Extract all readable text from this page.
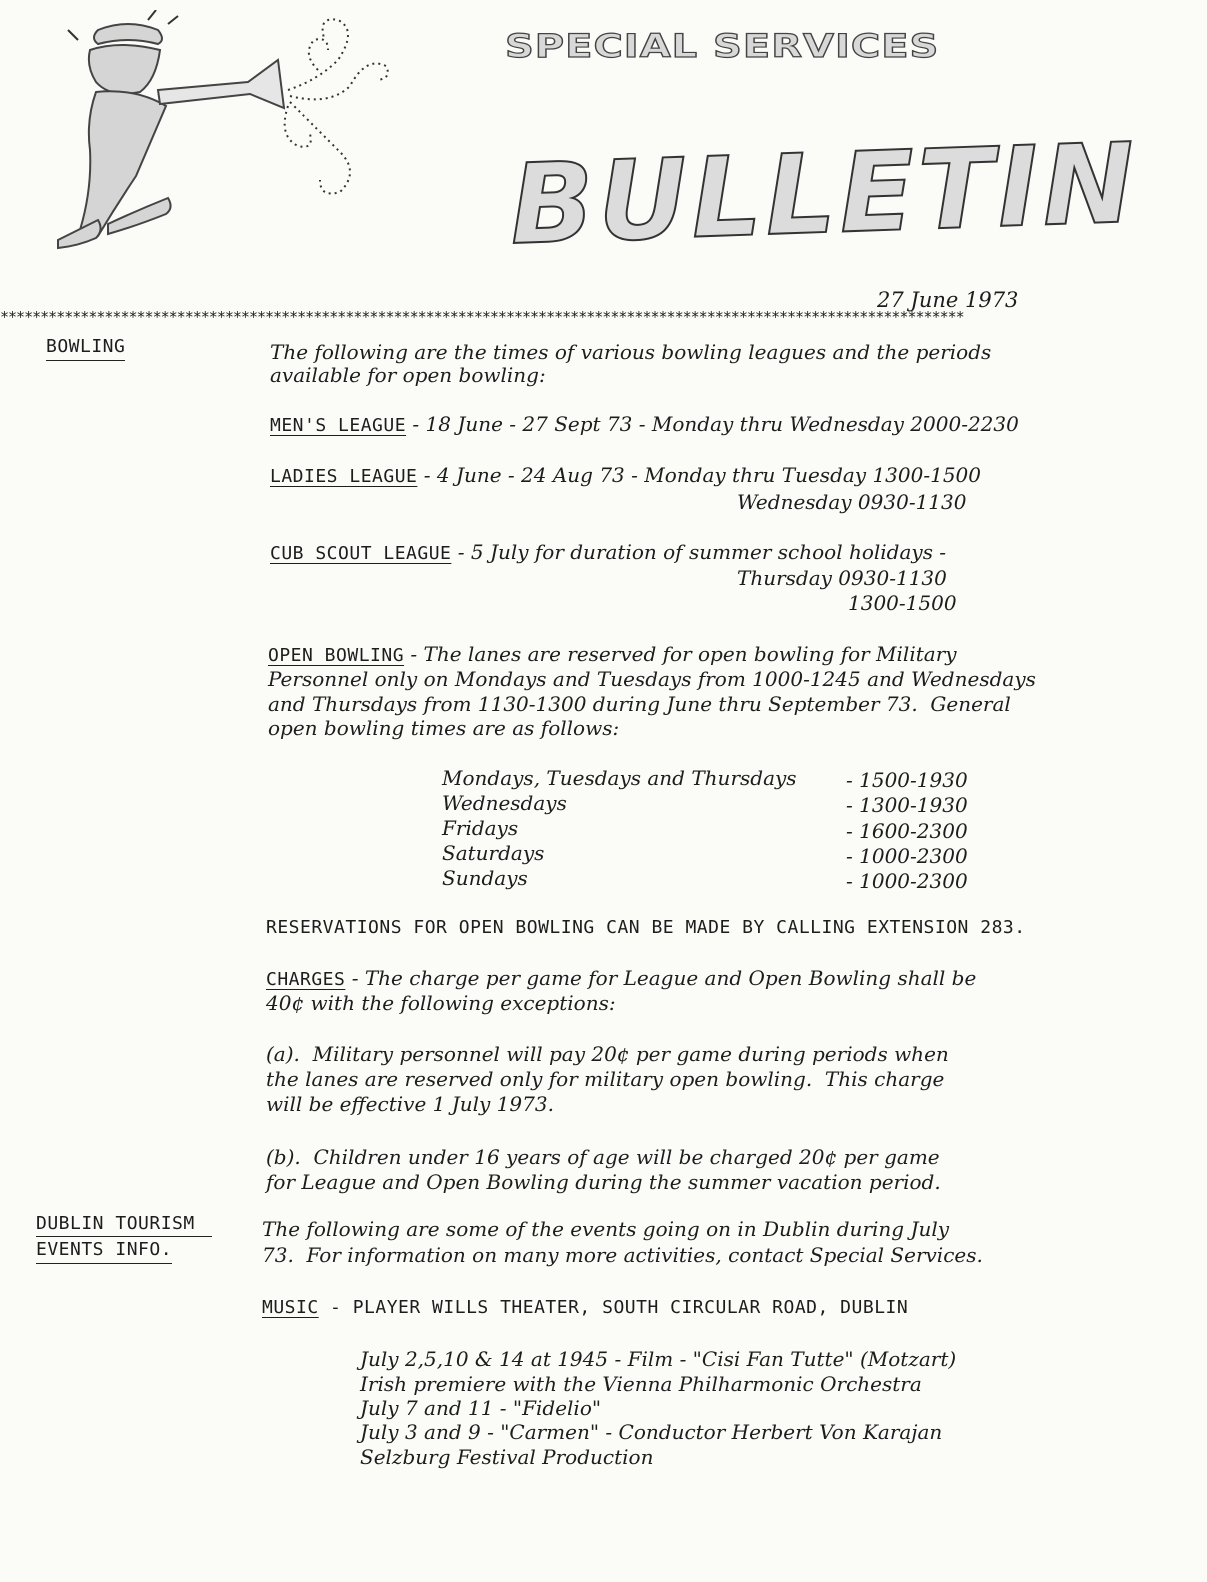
SPECIAL SERVICES
BULLETIN
27 June 1973
************************************************************************************************************************
BOWLING	The following are the times of various bowling leagues and the periods
available for open bowling:
MEN'S LEAGUE - 18 June - 27 Sept 73 - Monday thru Wednesday 2000-2230
LADIES LEAGUE - 4 June - 24 Aug 73 - Monday thru Tuesday 1300-1500
Wednesday 0930-1130
CUB SCOUT LEAGUE - 5 July for duration of summer school holidays -
Thursday 0930-1130
1300-1500
OPEN BOWLING - The lanes are reserved for open bowling for Military
Personnel only on Mondays and Tuesdays from 1000-1245 and Wednesdays
and Thursdays from 1130-1300 during June thru September 73.  General
open bowling times are as follows:
Mondays, Tuesdays and Thursdays - 1500-1930
Wednesdays	- 1300-1930
Fridays	- 1600-2300
Saturdays	- 1000-2300
Sundays	- 1000-2300
RESERVATIONS FOR OPEN BOWLING CAN BE MADE BY CALLING EXTENSION 283.
CHARGES - The charge per game for League and Open Bowling shall be
40¢ with the following exceptions:
(a).  Military personnel will pay 20¢ per game during periods when
the lanes are reserved only for military open bowling.  This charge
will be effective 1 July 1973.
(b).  Children under 16 years of age will be charged 20¢ per game
for League and Open Bowling during the summer vacation period.
DUBLIN TOURISM
EVENTS INFO.
The following are some of the events going on in Dublin during July
73.  For information on many more activities, contact Special Services.
MUSIC - PLAYER WILLS THEATER, SOUTH CIRCULAR ROAD, DUBLIN
July 2,5,10 & 14 at 1945 - Film - "Cisi Fan Tutte" (Motzart)
Irish premiere with the Vienna Philharmonic Orchestra
July 7 and 11 - "Fidelio"
July 3 and 9 - "Carmen" - Conductor Herbert Von Karajan
Selzburg Festival Production
